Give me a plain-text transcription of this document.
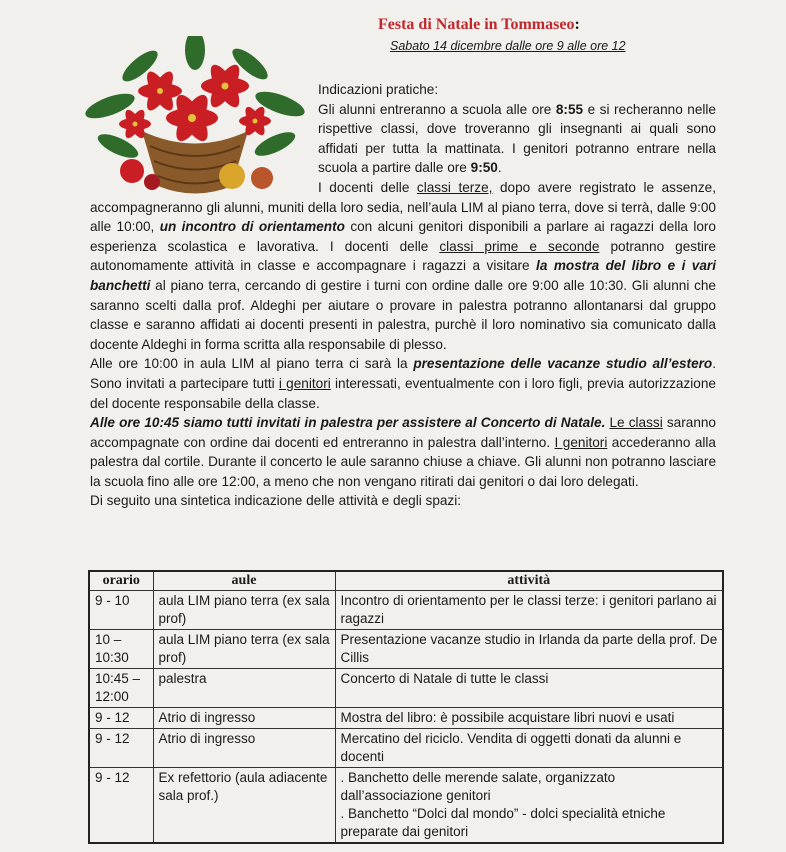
Festa di Natale in Tommaseo:
Sabato 14 dicembre dalle ore 9 alle ore 12

Indicazioni pratiche:

Gli alunni entreranno a scuola alle ore 8:55 e si recheranno nelle rispettive classi, dove troveranno gli insegnanti ai quali sono affidati per tutta la mattinata. I genitori potranno entrare nella scuola a partire dalle ore 9:50.

I docenti delle classi terze, dopo avere registrato le assenze, accompagneranno gli alunni, muniti della loro sedia, nell’aula LIM al piano terra, dove si terrà, dalle 9:00 alle 10:00, un incontro di orientamento con alcuni genitori disponibili a parlare ai ragazzi della loro esperienza scolastica e lavorativa. I docenti delle classi prime e seconde potranno gestire autonomamente attività in classe e accompagnare i ragazzi a visitare la mostra del libro e i vari banchetti al piano terra, cercando di gestire i turni con ordine dalle ore 9:00 alle 10:30. Gli alunni che saranno scelti dalla prof. Aldeghi per aiutare o provare in palestra potranno allontanarsi dal gruppo classe e saranno affidati ai docenti presenti in palestra, purchè il loro nominativo sia comunicato dalla docente Aldeghi in forma scritta alla responsabile di plesso.

Alle ore 10:00 in aula LIM al piano terra ci sarà la presentazione delle vacanze studio all’estero. Sono invitati a partecipare tutti i genitori interessati, eventualmente con i loro figli, previa autorizzazione del docente responsabile della classe.

Alle ore 10:45 siamo tutti invitati in palestra per assistere al Concerto di Natale. Le classi saranno accompagnate con ordine dai docenti ed entreranno in palestra dall’interno. I genitori accederanno alla palestra dal cortile. Durante il concerto le aule saranno chiuse a chiave. Gli alunni non potranno lasciare la scuola fino alle ore 12:00, a meno che non vengano ritirati dai genitori o dai loro delegati.

Di seguito una sintetica indicazione delle attività e degli spazi:

orario	aule	attività
9 - 10	aula LIM piano terra (ex sala prof)	Incontro di orientamento per le classi terze: i genitori parlano ai ragazzi
10 – 10:30	aula LIM piano terra (ex sala prof)	Presentazione vacanze studio in Irlanda da parte della prof. De Cillis
10:45 – 12:00	palestra	Concerto di Natale di tutte le classi
9 - 12	Atrio di ingresso	Mostra del libro: è possibile acquistare libri nuovi e usati
9 - 12	Atrio di ingresso	Mercatino del riciclo. Vendita di oggetti donati da alunni e docenti
9 - 12	Ex refettorio (aula adiacente sala prof.)	. Banchetto delle merende salate, organizzato dall’associazione genitori
. Banchetto “Dolci dal mondo” - dolci specialità etniche preparate dai genitori
